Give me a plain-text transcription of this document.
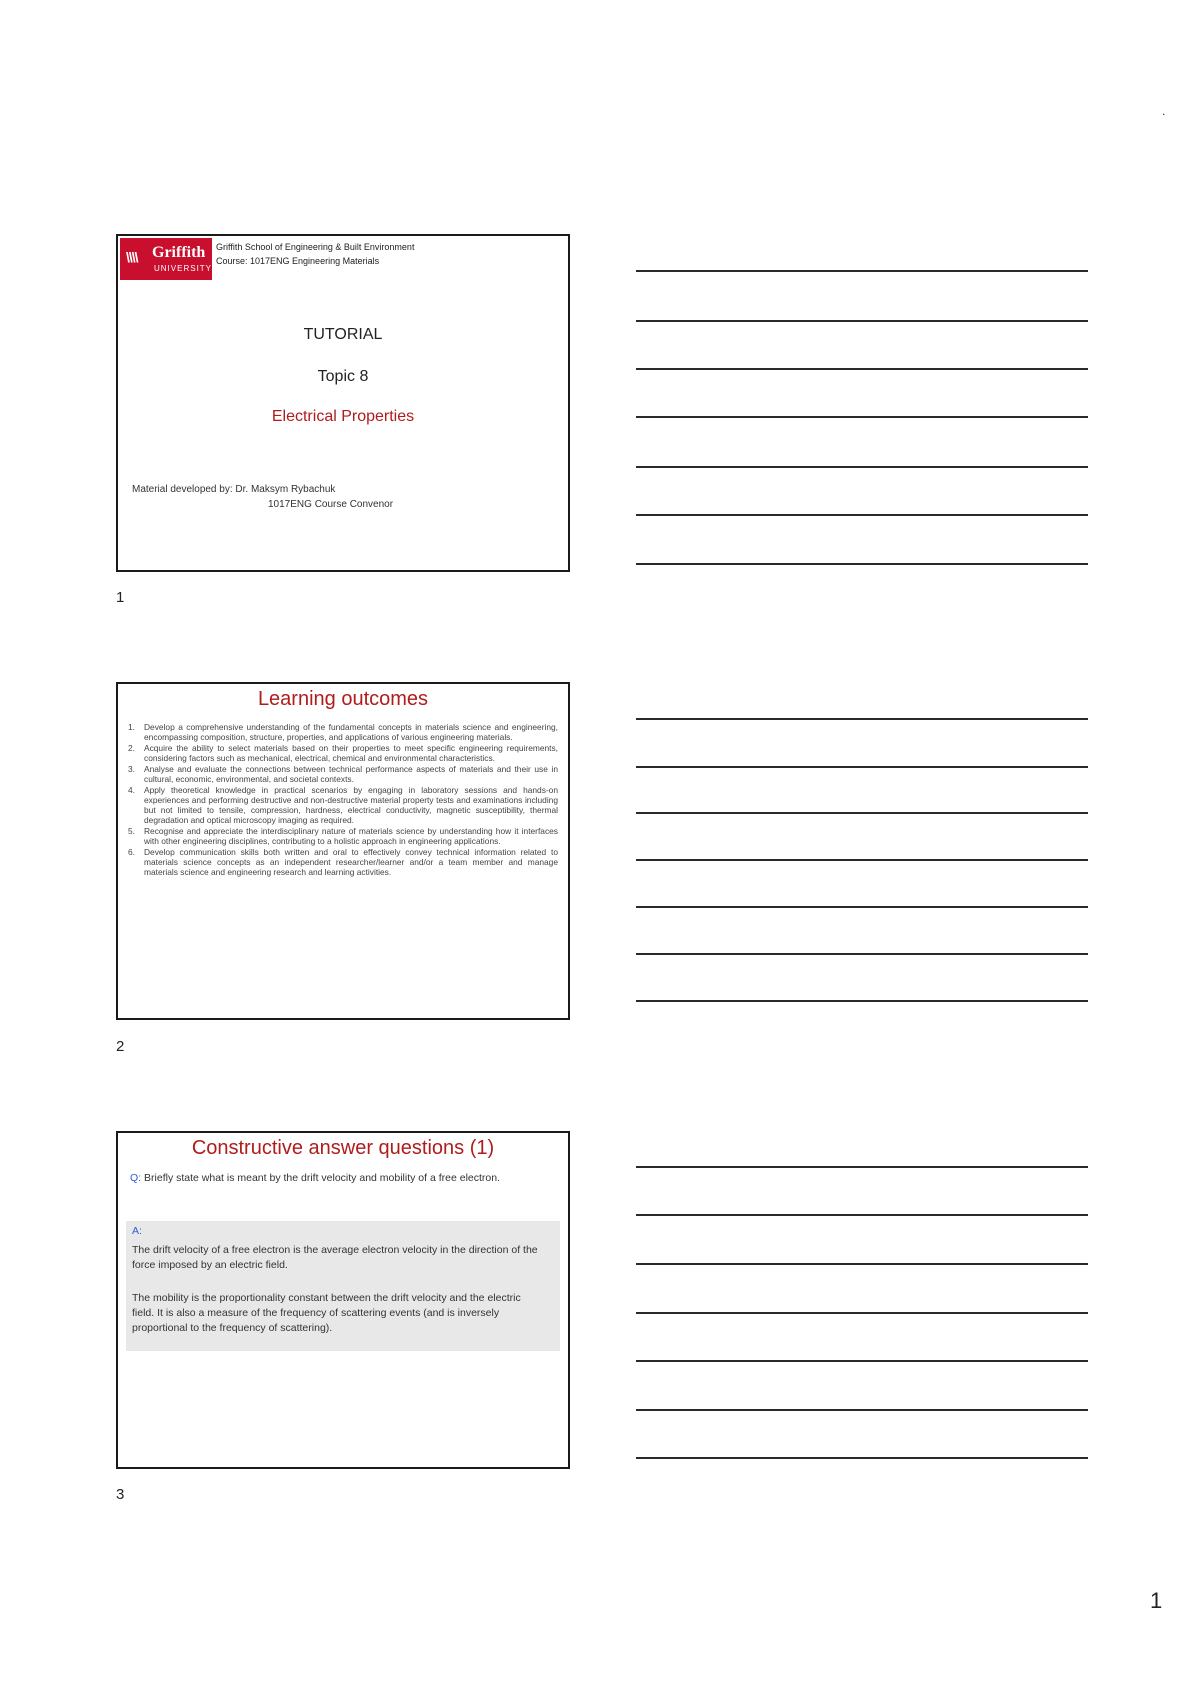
.
\\\\ Griffith
UNIVERSITY
Griffith School of Engineering & Built Environment
Course: 1017ENG Engineering Materials
TUTORIAL
Topic 8
Electrical Properties
Material developed by: Dr. Maksym Rybachuk
1017ENG Course Convenor
1
Learning outcomes
1. Develop a comprehensive understanding of the fundamental concepts in materials science and engineering, encompassing composition, structure, properties, and applications of various engineering materials.
2. Acquire the ability to select materials based on their properties to meet specific engineering requirements, considering factors such as mechanical, electrical, chemical and environmental characteristics.
3. Analyse and evaluate the connections between technical performance aspects of materials and their use in cultural, economic, environmental, and societal contexts.
4. Apply theoretical knowledge in practical scenarios by engaging in laboratory sessions and hands-on experiences and performing destructive and non-destructive material property tests and examinations including but not limited to tensile, compression, hardness, electrical conductivity, magnetic susceptibility, thermal degradation and optical microscopy imaging as required.
5. Recognise and appreciate the interdisciplinary nature of materials science by understanding how it interfaces with other engineering disciplines, contributing to a holistic approach in engineering applications.
6. Develop communication skills both written and oral to effectively convey technical information related to materials science concepts as an independent researcher/learner and/or a team member and manage materials science and engineering research and learning activities.
2
Constructive answer questions (1)
Q: Briefly state what is meant by the drift velocity and mobility of a free electron.
A:

The drift velocity of a free electron is the average electron velocity in the direction of the force imposed by an electric field.

The mobility is the proportionality constant between the drift velocity and the electric field. It is also a measure of the frequency of scattering events (and is inversely proportional to the frequency of scattering).

3
1
